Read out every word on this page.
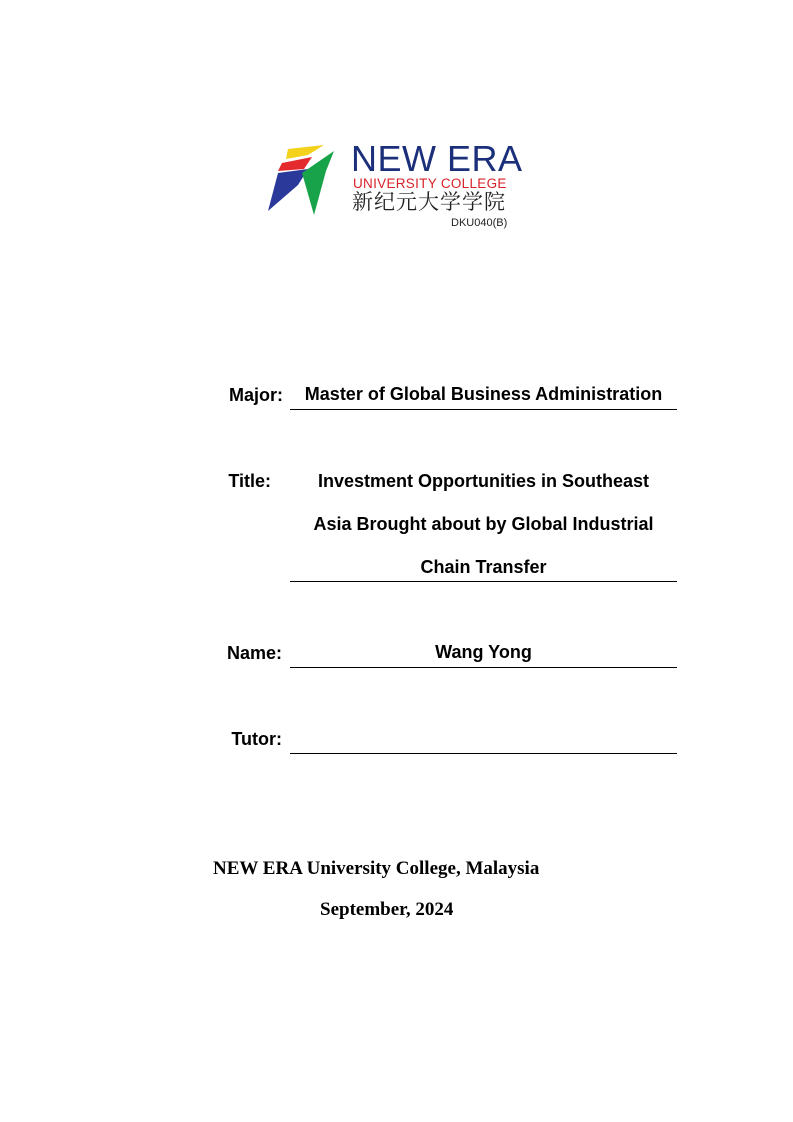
NEW ERA
UNIVERSITY COLLEGE
新纪元大学学院
DKU040(B)
Major:	Master of Global Business Administration
Title:	Investment Opportunities in Southeast
Asia Brought about by Global Industrial
Chain Transfer
Name:	Wang Yong
Tutor:
NEW ERA University College, Malaysia
September, 2024
